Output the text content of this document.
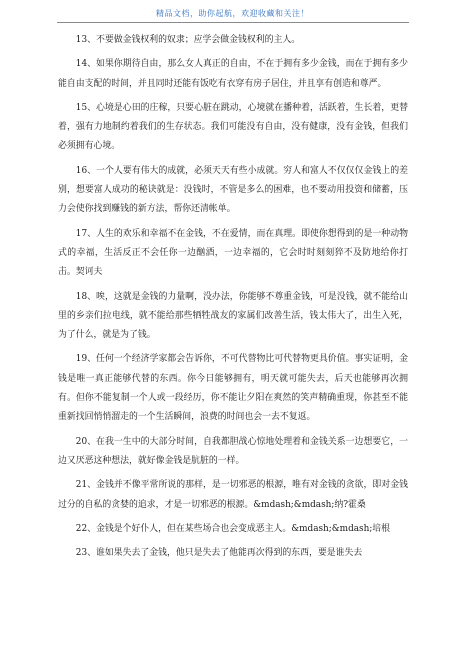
精品文档，助你起航，欢迎收藏和关注！

13、不要做金钱权利的奴隶；应学会做金钱权利的主人。

14、如果你期待自由，那么女人真正的自由，不在于拥有多少金钱，而在于拥有多少能自由支配的时间，并且同时还能有饭吃有衣穿有房子居住，并且享有创造和尊严。

15、心境是心田的庄稼，只要心脏在跳动，心境就在播种着，活跃着，生长着，更替着，强有力地制约着我们的生存状态。我们可能没有自由，没有健康，没有金钱，但我们必须拥有心境。

16、一个人要有伟大的成就，必须天天有些小成就。穷人和富人不仅仅仅金钱上的差别，想要富人成功的秘诀就是：没钱时，不管是多么的困难，也不要动用投资和储蓄，压力会使你找到赚钱的新方法，帮你还清帐单。

17、人生的欢乐和幸福不在金钱，不在爱情，而在真理。即使你想得到的是一种动物式的幸福，生活反正不会任你一边酗酒，一边幸福的，它会时时刻刻猝不及防地给你打击。契诃夫

18、唉，这就是金钱的力量啊，没办法，你能够不尊重金钱，可是没钱，就不能给山里的乡亲们拉电线，就不能给那些牺牲战友的家属们改善生活，钱太伟大了，出生入死，为了什么，就是为了钱。

19、任何一个经济学家都会告诉你，不可代替物比可代替物更具价值。事实证明，金钱是唯一真正能够代替的东西。你今日能够拥有，明天就可能失去，后天也能够再次拥有。但你不能复制一个人或一段经历，你不能让夕阳在爽然的笑声精确重现，你甚至不能重新找回悄悄溜走的一个生活瞬间，浪费的时间也会一去不复返。

20、在我一生中的大部分时间，自我都胆战心惊地处理着和金钱关系一边想要它，一边又厌恶这种想法，就好像金钱是肮脏的一样。

21、金钱并不像平常所说的那样，是一切邪恶的根源，唯有对金钱的贪欲，即对金钱过分的自私的贪婪的追求，才是一切邪恶的根源。&mdash;&mdash;纳?霍桑

22、金钱是个好仆人，但在某些场合也会变成恶主人。&mdash;&mdash;培根

23、谁如果失去了金钱，他只是失去了他能再次得到的东西，要是谁失去
